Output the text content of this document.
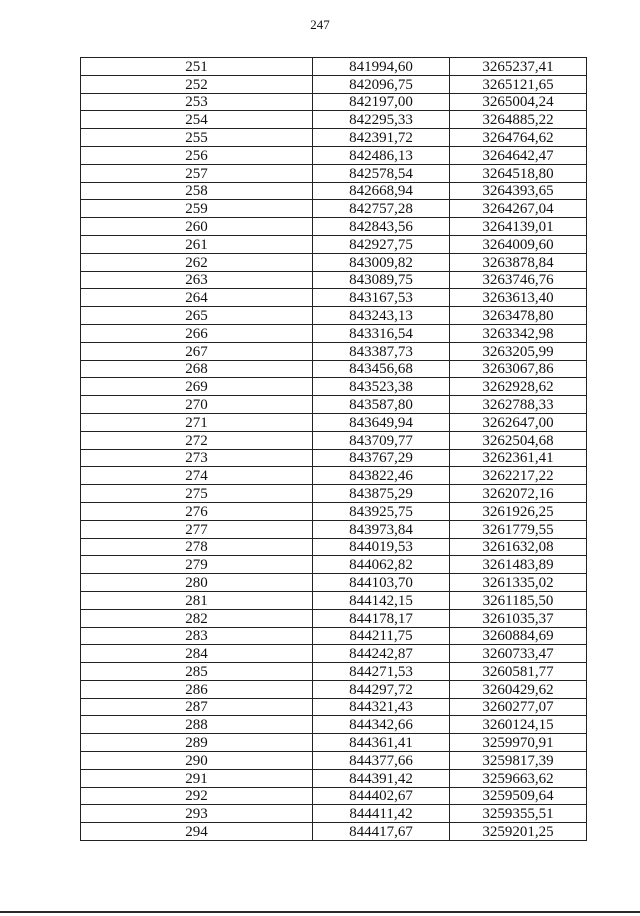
247
251	841994,60	3265237,41
252	842096,75	3265121,65
253	842197,00	3265004,24
254	842295,33	3264885,22
255	842391,72	3264764,62
256	842486,13	3264642,47
257	842578,54	3264518,80
258	842668,94	3264393,65
259	842757,28	3264267,04
260	842843,56	3264139,01
261	842927,75	3264009,60
262	843009,82	3263878,84
263	843089,75	3263746,76
264	843167,53	3263613,40
265	843243,13	3263478,80
266	843316,54	3263342,98
267	843387,73	3263205,99
268	843456,68	3263067,86
269	843523,38	3262928,62
270	843587,80	3262788,33
271	843649,94	3262647,00
272	843709,77	3262504,68
273	843767,29	3262361,41
274	843822,46	3262217,22
275	843875,29	3262072,16
276	843925,75	3261926,25
277	843973,84	3261779,55
278	844019,53	3261632,08
279	844062,82	3261483,89
280	844103,70	3261335,02
281	844142,15	3261185,50
282	844178,17	3261035,37
283	844211,75	3260884,69
284	844242,87	3260733,47
285	844271,53	3260581,77
286	844297,72	3260429,62
287	844321,43	3260277,07
288	844342,66	3260124,15
289	844361,41	3259970,91
290	844377,66	3259817,39
291	844391,42	3259663,62
292	844402,67	3259509,64
293	844411,42	3259355,51
294	844417,67	3259201,25
